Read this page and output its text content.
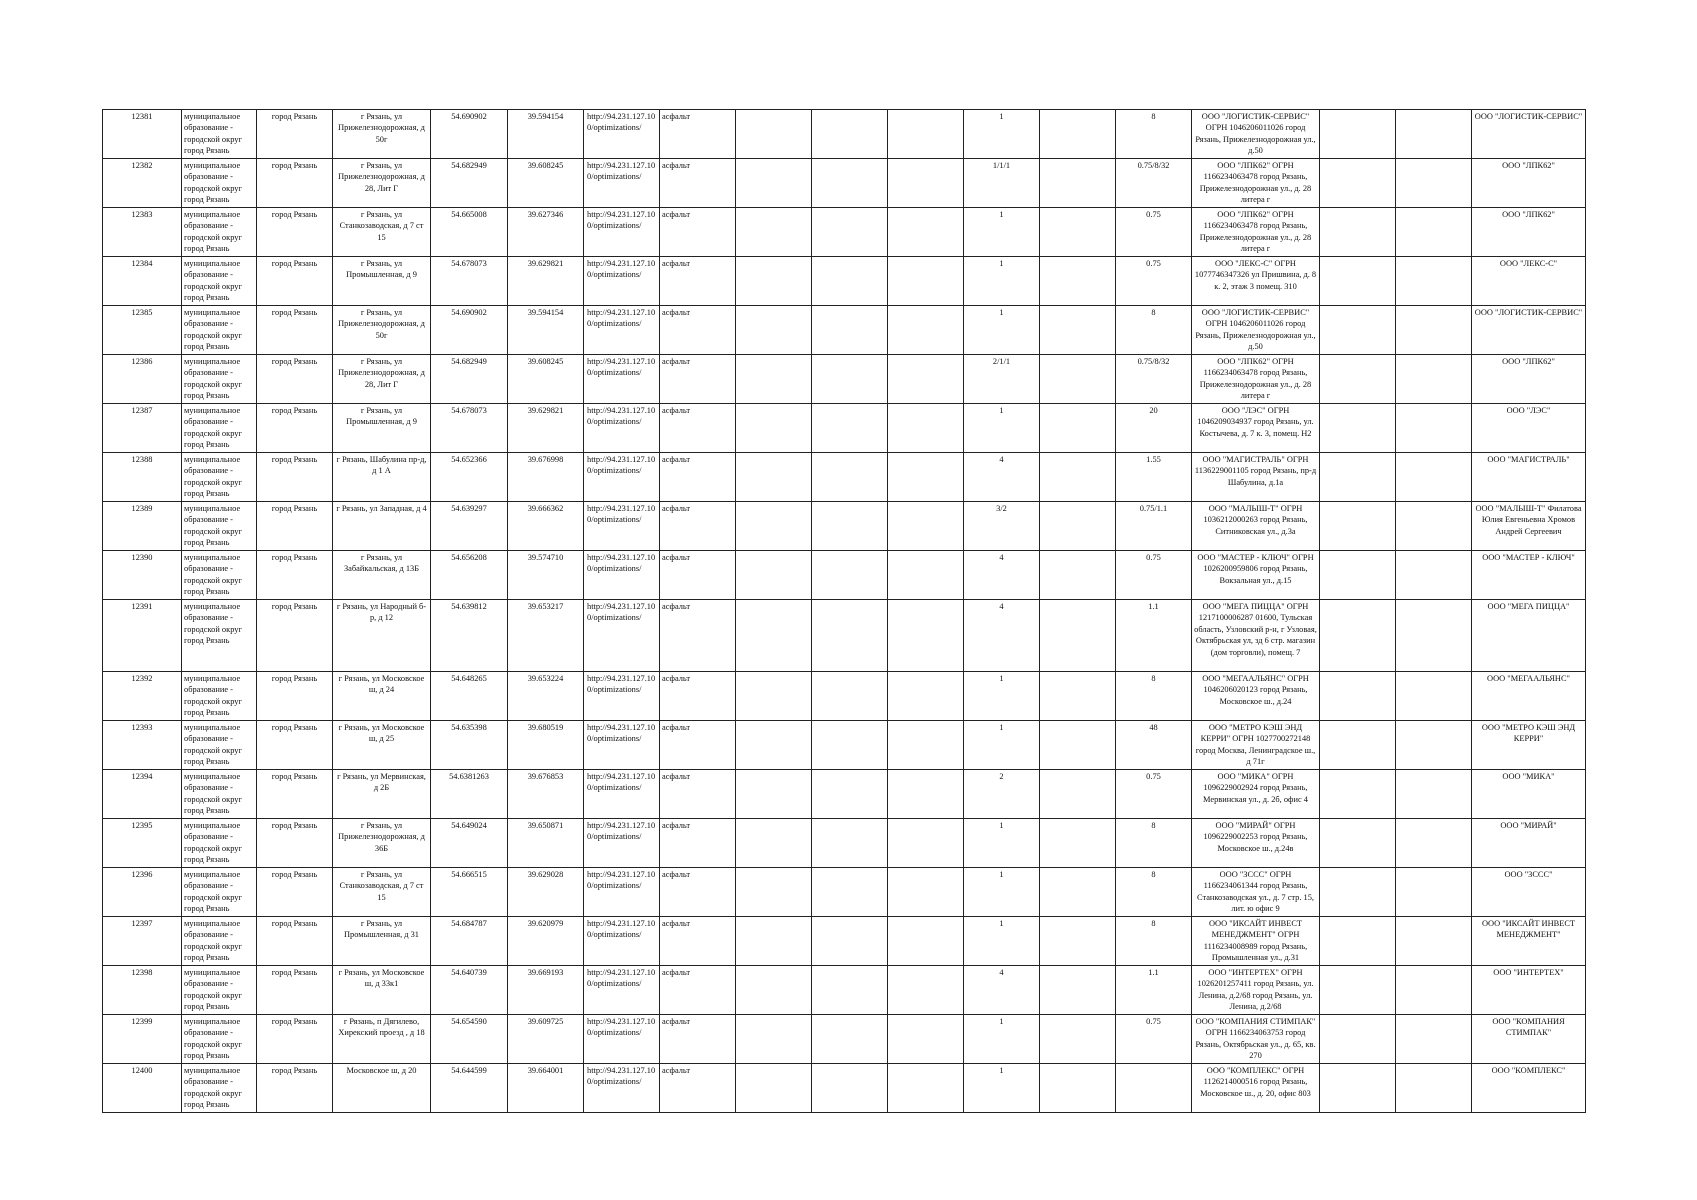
12381	муниципальное образование - городской округ город Рязань	город Рязань	г Рязань, ул Прижелезнодорожная, д 50г	54.690902	39.594154	http://94.231.127.10
0/optimizations/	асфальт				1		8	ООО "ЛОГИСТИК-СЕРВИС" ОГРН 1046206011026 город Рязань, Прижелезнодорожная ул., д.50			ООО "ЛОГИСТИК-СЕРВИС"
12382	муниципальное образование - городской округ город Рязань	город Рязань	г Рязань, ул Прижелезнодорожная, д 28, Лит Г	54.682949	39.608245	http://94.231.127.10
0/optimizations/	асфальт				1/1/1		0.75/8/32	ООО "ЛПК62" ОГРН 1166234063478 город Рязань, Прижелезнодорожная ул., д. 28 литера г			ООО "ЛПК62"
12383	муниципальное образование - городской округ город Рязань	город Рязань	г Рязань, ул Станкозаводская, д 7 ст 15	54.665008	39.627346	http://94.231.127.10
0/optimizations/	асфальт				1		0.75	ООО "ЛПК62" ОГРН 1166234063478 город Рязань, Прижелезнодорожная ул., д. 28 литера г			ООО "ЛПК62"
12384	муниципальное образование - городской округ город Рязань	город Рязань	г Рязань, ул Промышленная, д 9	54.678073	39.629821	http://94.231.127.10
0/optimizations/	асфальт				1		0.75	ООО "ЛЕКС-С" ОГРН 1077746347326 ул Пришвина, д. 8 к. 2, этаж 3 помещ. 310			ООО "ЛЕКС-С"
12385	муниципальное образование - городской округ город Рязань	город Рязань	г Рязань, ул Прижелезнодорожная, д 50г	54.690902	39.594154	http://94.231.127.10
0/optimizations/	асфальт				1		8	ООО "ЛОГИСТИК-СЕРВИС" ОГРН 1046206011026 город Рязань, Прижелезнодорожная ул., д.50			ООО "ЛОГИСТИК-СЕРВИС"
12386	муниципальное образование - городской округ город Рязань	город Рязань	г Рязань, ул Прижелезнодорожная, д 28, Лит Г	54.682949	39.608245	http://94.231.127.10
0/optimizations/	асфальт				2/1/1		0.75/8/32	ООО "ЛПК62" ОГРН 1166234063478 город Рязань, Прижелезнодорожная ул., д. 28 литера г			ООО "ЛПК62"
12387	муниципальное образование - городской округ город Рязань	город Рязань	г Рязань, ул Промышленная, д 9	54.678073	39.629821	http://94.231.127.10
0/optimizations/	асфальт				1		20	ООО "ЛЭС" ОГРН 1046209034937 город Рязань, ул. Костычева, д. 7 к. 3, помещ. Н2			ООО "ЛЭС"
12388	муниципальное образование - городской округ город Рязань	город Рязань	г Рязань, Шабулина пр-д, д 1 А	54.652366	39.676998	http://94.231.127.10
0/optimizations/	асфальт				4		1.55	ООО "МАГИСТРАЛЬ" ОГРН 1136229001105 город Рязань, пр-д Шабулина, д.1а			ООО "МАГИСТРАЛЬ"
12389	муниципальное образование - городской округ город Рязань	город Рязань	г Рязань, ул Западная, д 4	54.639297	39.666362	http://94.231.127.10
0/optimizations/	асфальт				3/2		0.75/1.1	ООО "МАЛЫШ-Т" ОГРН 1036212000263 город Рязань, Ситниковская ул., д.3а			ООО "МАЛЫШ-Т" Филатова Юлия Евгеньевна Хромов Андрей Сергеевич
12390	муниципальное образование - городской округ город Рязань	город Рязань	г Рязань, ул Забайкальская, д 13Б	54.656208	39.574710	http://94.231.127.10
0/optimizations/	асфальт				4		0.75	ООО "МАСТЕР - КЛЮЧ" ОГРН 1026200959806 город Рязань, Вокзальная ул., д.15			ООО "МАСТЕР - КЛЮЧ"
12391	муниципальное образование - городской округ город Рязань	город Рязань	г Рязань, ул Народный б-р, д 12	54.639812	39.653217	http://94.231.127.10
0/optimizations/	асфальт				4		1.1	ООО "МЕГА ПИЦЦА" ОГРН 1217100006287 01600, Тульская область, Узловский р-н, г Узловая, Октябрьская ул, зд 6 стр. магазин (дом торговли), помещ. 7			ООО "МЕГА ПИЦЦА"
12392	муниципальное образование - городской округ город Рязань	город Рязань	г Рязань, ул Московское ш, д 24	54.648265	39.653224	http://94.231.127.10
0/optimizations/	асфальт				1		8	ООО "МЕГААЛЬЯНС" ОГРН 1046206020123 город Рязань, Московское ш., д.24			ООО "МЕГААЛЬЯНС"
12393	муниципальное образование - городской округ город Рязань	город Рязань	г Рязань, ул Московское ш, д 25	54.635398	39.680519	http://94.231.127.10
0/optimizations/	асфальт				1		48	ООО "МЕТРО КЭШ ЭНД КЕРРИ" ОГРН 1027700272148 город Москва, Ленинградское ш., д 71г			ООО "МЕТРО КЭШ ЭНД КЕРРИ"
12394	муниципальное образование - городской округ город Рязань	город Рязань	г Рязань, ул Мервинская, д 2Б	54.6381263	39.676853	http://94.231.127.10
0/optimizations/	асфальт				2		0.75	ООО "МИКА" ОГРН 1096229002924 город Рязань, Мервинская ул., д. 2б, офис 4			ООО "МИКА"
12395	муниципальное образование - городской округ город Рязань	город Рязань	г Рязань, ул Прижелезнодорожная, д 36Б	54.649024	39.650871	http://94.231.127.10
0/optimizations/	асфальт				1		8	ООО "МИРАЙ" ОГРН 1096229002253 город Рязань, Московское ш., д.24в			ООО "МИРАЙ"
12396	муниципальное образование - городской округ город Рязань	город Рязань	г Рязань, ул Станкозаводская, д 7 ст 15	54.666515	39.629028	http://94.231.127.10
0/optimizations/	асфальт				1		8	ООО "ЗССС" ОГРН 1166234061344 город Рязань, Станкозаводская ул., д. 7 стр. 15, лит. ю офис 9			ООО "ЗССС"
12397	муниципальное образование - городской округ город Рязань	город Рязань	г Рязань, ул Промышленная, д 31	54.684787	39.620979	http://94.231.127.10
0/optimizations/	асфальт				1		8	ООО "ИКСАЙТ ИНВЕСТ МЕНЕДЖМЕНТ" ОГРН 1116234008989 город Рязань, Промышленная ул., д.31			ООО "ИКСАЙТ ИНВЕСТ МЕНЕДЖМЕНТ"
12398	муниципальное образование - городской округ город Рязань	город Рязань	г Рязань, ул Московское ш, д 33к1	54.640739	39.669193	http://94.231.127.10
0/optimizations/	асфальт				4		1.1	ООО "ИНТЕРТЕХ" ОГРН 1026201257411 город Рязань, ул. Ленина, д.2/68 город Рязань, ул. Ленина, д.2/68			ООО "ИНТЕРТЕХ"
12399	муниципальное образование - городской округ город Рязань	город Рязань	г Рязань, п Дягилево, Хирекский проезд , д 18	54.654590	39.609725	http://94.231.127.10
0/optimizations/	асфальт				1		0.75	ООО "КОМПАНИЯ СТИМПАК" ОГРН 1166234063753 город Рязань, Октябрьская ул., д. 65, кв. 270			ООО "КОМПАНИЯ СТИМПАК"
12400	муниципальное образование - городской округ город Рязань	город Рязань	Московское ш, д 20	54.644599	39.664001	http://94.231.127.10
0/optimizations/	асфальт				1			ООО "КОМПЛЕКС" ОГРН 1126214000516 город Рязань, Московское ш., д. 20, офис 803			ООО "КОМПЛЕКС"
